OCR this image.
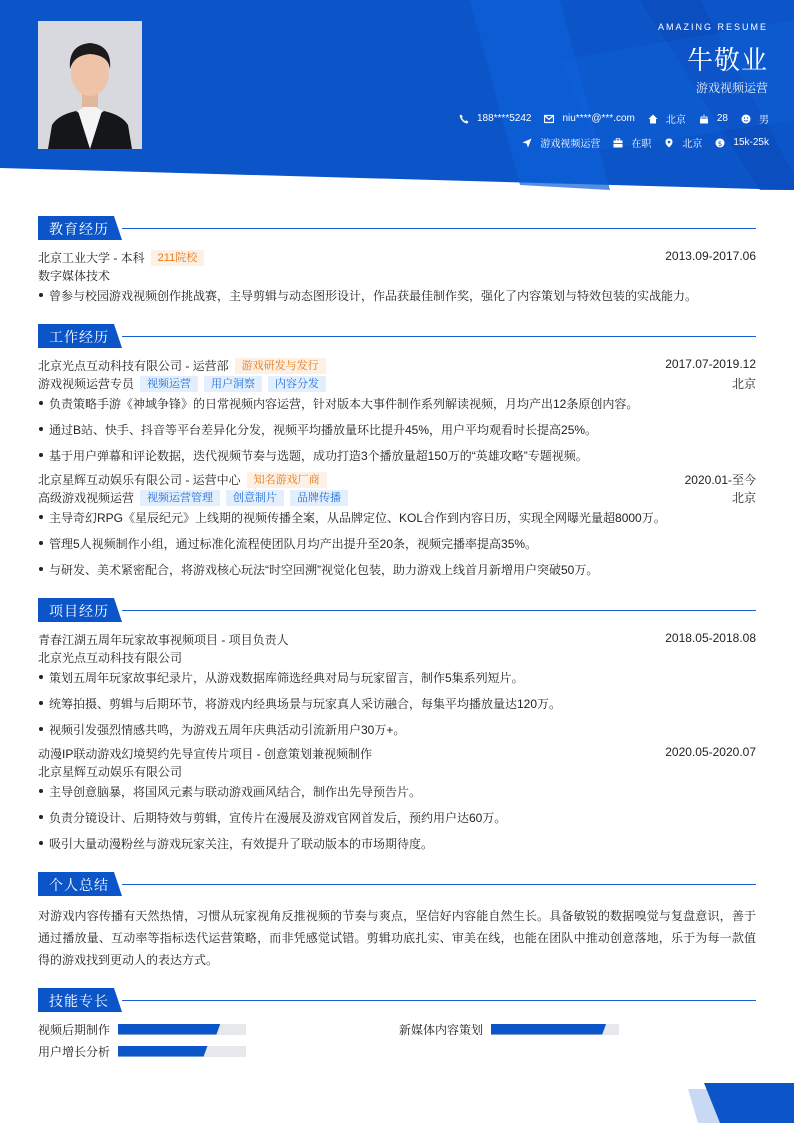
AMAZING RESUME
牛敬业
游戏视频运营
188****5242	niu****@***.com	北京	28	男
游戏视频运营	在职	北京 $ 15k-25k
教育经历
北京工业大学 - 本科	211院校	2013.09-2017.06
数字媒体技术
曾参与校园游戏视频创作挑战赛，主导剪辑与动态图形设计，作品获最佳制作奖，强化了内容策划与特效包装的实战能力。
工作经历
北京光点互动科技有限公司 - 运营部	游戏研发与发行	2017.07-2019.12
游戏视频运营专员	视频运营	用户洞察	内容分发	北京
负责策略手游《神域争锋》的日常视频内容运营，针对版本大事件制作系列解读视频，月均产出12条原创内容。
通过B站、快手、抖音等平台差异化分发，视频平均播放量环比提升45%，用户平均观看时长提高25%。
基于用户弹幕和评论数据，迭代视频节奏与选题，成功打造3个播放量超150万的“英雄攻略”专题视频。
北京星辉互动娱乐有限公司 - 运营中心	知名游戏厂商	2020.01-至今
高级游戏视频运营	视频运营管理	创意制片	品牌传播	北京
主导奇幻RPG《星辰纪元》上线期的视频传播全案，从品牌定位、KOL合作到内容日历，实现全网曝光量超8000万。
管理5人视频制作小组，通过标准化流程使团队月均产出提升至20条，视频完播率提高35%。
与研发、美术紧密配合，将游戏核心玩法“时空回溯”视觉化包装，助力游戏上线首月新增用户突破50万。
项目经历
青春江湖五周年玩家故事视频项目 - 项目负责人	2018.05-2018.08
北京光点互动科技有限公司
策划五周年玩家故事纪录片，从游戏数据库筛选经典对局与玩家留言，制作5集系列短片。
统筹拍摄、剪辑与后期环节，将游戏内经典场景与玩家真人采访融合，每集平均播放量达120万。
视频引发强烈情感共鸣，为游戏五周年庆典活动引流新用户30万+。
动漫IP联动游戏幻境契约先导宣传片项目 - 创意策划兼视频制作	2020.05-2020.07
北京星辉互动娱乐有限公司
主导创意脑暴，将国风元素与联动游戏画风结合，制作出先导预告片。
负责分镜设计、后期特效与剪辑，宣传片在漫展及游戏官网首发后，预约用户达60万。
吸引大量动漫粉丝与游戏玩家关注，有效提升了联动版本的市场期待度。
个人总结
对游戏内容传播有天然热情，习惯从玩家视角反推视频的节奏与爽点，坚信好内容能自然生长。具备敏锐的数据嗅觉与复盘意识，善于通过播放量、互动率等指标迭代运营策略，而非凭感觉试错。剪辑功底扎实、审美在线，也能在团队中推动创意落地，乐于为每一款值得的游戏找到更动人的表达方式。
技能专长
视频后期制作	新媒体内容策划
用户增长分析
